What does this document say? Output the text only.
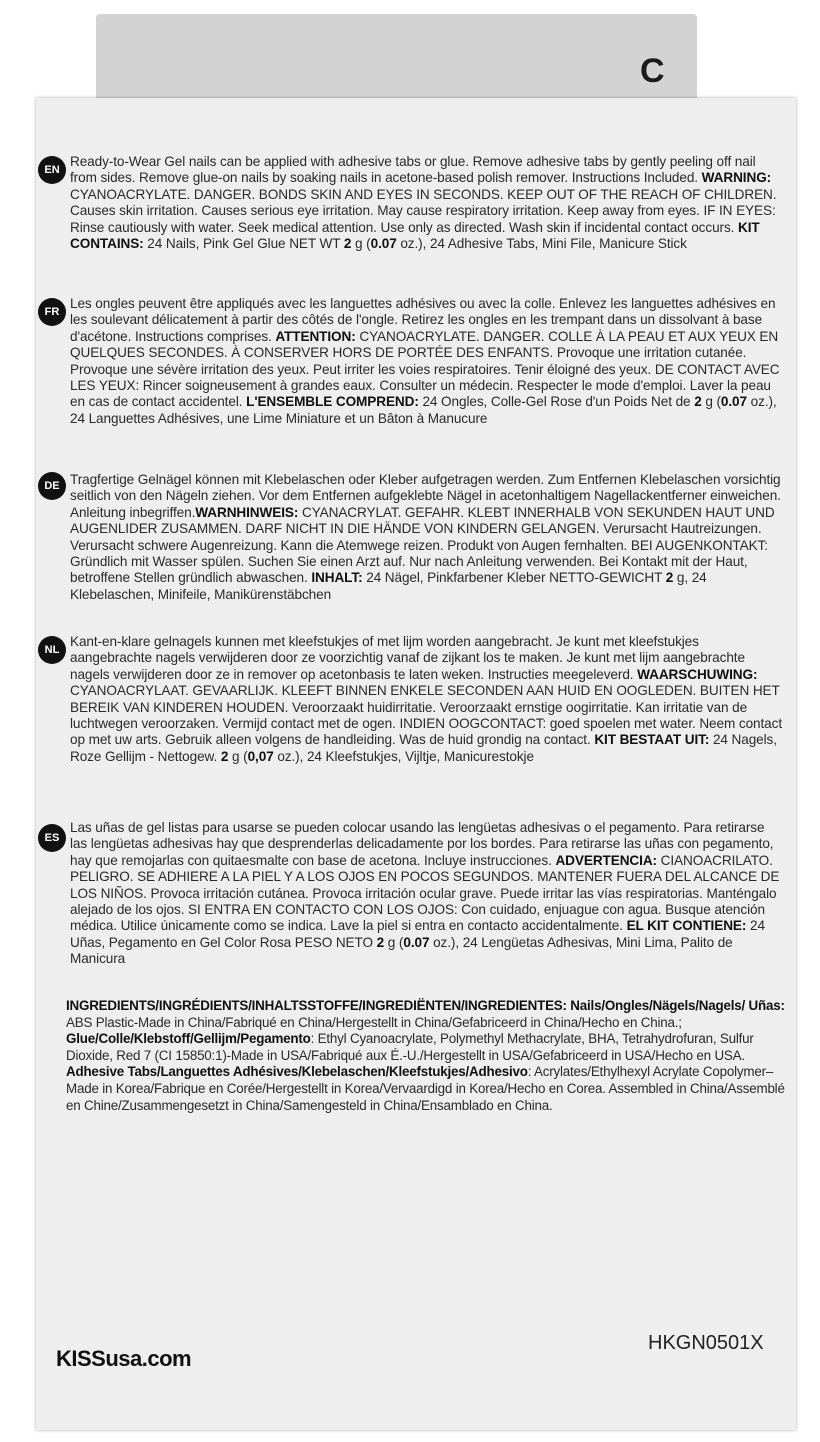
C
EN
Ready-to-Wear Gel nails can be applied with adhesive tabs or glue. Remove adhesive tabs by gently peeling off nail from sides. Remove glue-on nails by soaking nails in acetone-based polish remover. Instructions Included. WARNING: CYANOACRYLATE. DANGER. BONDS SKIN AND EYES IN SECONDS. KEEP OUT OF THE REACH OF CHILDREN. Causes skin irritation. Causes serious eye irritation. May cause respiratory irritation. Keep away from eyes. IF IN EYES: Rinse cautiously with water. Seek medical attention. Use only as directed. Wash skin if incidental contact occurs. KIT CONTAINS: 24 Nails, Pink Gel Glue NET WT 2 g (0.07 oz.), 24 Adhesive Tabs, Mini File, Manicure Stick
FR
Les ongles peuvent être appliqués avec les languettes adhésives ou avec la colle. Enlevez les languettes adhésives en les soulevant délicatement à partir des côtés de l'ongle. Retirez les ongles en les trempant dans un dissolvant à base d'acétone. Instructions comprises. ATTENTION: CYANOACRYLATE. DANGER. COLLE À LA PEAU ET AUX YEUX EN QUELQUES SECONDES. À CONSERVER HORS DE PORTÉE DES ENFANTS. Provoque une irritation cutanée. Provoque une sévère irritation des yeux. Peut irriter les voies respiratoires. Tenir éloigné des yeux. DE CONTACT AVEC LES YEUX: Rincer soigneusement à grandes eaux. Consulter un médecin. Respecter le mode d'emploi. Laver la peau en cas de contact accidentel. L'ENSEMBLE COMPREND: 24 Ongles, Colle-Gel Rose d'un Poids Net de 2 g (0.07 oz.), 24 Languettes Adhésives, une Lime Miniature et un Bâton à Manucure
DE Tragfertige Gelnägel können mit Klebelaschen oder Kleber aufgetragen werden. Zum Entfernen Klebelaschen vorsichtig seitlich von den Nägeln ziehen. Vor dem Entfernen aufgeklebte Nägel in acetonhaltigem Nagellackentferner einweichen. Anleitung inbegriffen.WARNHINWEIS: CYANACRYLAT. GEFAHR. KLEBT INNERHALB VON SEKUNDEN HAUT UND AUGENLIDER ZUSAMMEN. DARF NICHT IN DIE HÄNDE VON KINDERN GELANGEN. Verursacht Hautreizungen. Verursacht schwere Augenreizung. Kann die Atemwege reizen. Produkt von Augen fernhalten. BEI AUGENKONTAKT: Gründlich mit Wasser spülen. Suchen Sie einen Arzt auf. Nur nach Anleitung verwenden. Bei Kontakt mit der Haut, betroffene Stellen gründlich abwaschen. INHALT: 24 Nägel, Pinkfarbener Kleber NETTO-GEWICHT 2 g, 24 Klebelaschen, Minifeile, Manikürenstäbchen
NL
Kant-en-klare gelnagels kunnen met kleefstukjes of met lijm worden aangebracht. Je kunt met kleefstukjes aangebrachte nagels verwijderen door ze voorzichtig vanaf de zijkant los te maken. Je kunt met lijm aangebrachte nagels verwijderen door ze in remover op acetonbasis te laten weken. Instructies meegeleverd. WAARSCHUWING: CYANOACRYLAAT. GEVAARLIJK. KLEEFT BINNEN ENKELE SECONDEN AAN HUID EN OOGLEDEN. BUITEN HET BEREIK VAN KINDEREN HOUDEN. Veroorzaakt huidirritatie. Veroorzaakt ernstige oogirritatie. Kan irritatie van de luchtwegen veroorzaken. Vermijd contact met de ogen. INDIEN OOGCONTACT: goed spoelen met water. Neem contact op met uw arts. Gebruik alleen volgens de handleiding. Was de huid grondig na contact. KIT BESTAAT UIT: 24 Nagels, Roze Gellijm - Nettogew. 2 g (0,07 oz.), 24 Kleefstukjes, Vijltje, Manicurestokje
ES
Las uñas de gel listas para usarse se pueden colocar usando las lengüetas adhesivas o el pegamento. Para retirarse las lengüetas adhesivas hay que desprenderlas delicadamente por los bordes. Para retirarse las uñas con pegamento, hay que remojarlas con quitaesmalte con base de acetona. Incluye instrucciones. ADVERTENCIA: CIANOACRILATO. PELIGRO. SE ADHIERE A LA PIEL Y A LOS OJOS EN POCOS SEGUNDOS. MANTENER FUERA DEL ALCANCE DE LOS NIÑOS. Provoca irritación cutánea. Provoca irritación ocular grave. Puede irritar las vías respiratorias. Manténgalo alejado de los ojos. SI ENTRA EN CONTACTO CON LOS OJOS: Con cuidado, enjuague con agua. Busque atención médica. Utilice únicamente como se indica. Lave la piel si entra en contacto accidentalmente. EL KIT CONTIENE: 24 Uñas, Pegamento en Gel Color Rosa PESO NETO 2 g (0.07 oz.), 24 Lengüetas Adhesivas, Mini Lima, Palito de Manicura
INGREDIENTS/INGRÉDIENTS/INHALTSSTOFFE/INGREDIËNTEN/INGREDIENTES: Nails/Ongles/Nägels/Nagels/ Uñas: ABS Plastic-Made in China/Fabriqué en China/Hergestellt in China/Gefabriceerd in China/Hecho en China.; Glue/Colle/Klebstoff/Gellijm/Pegamento: Ethyl Cyanoacrylate, Polymethyl Methacrylate, BHA, Tetrahydrofuran, Sulfur Dioxide, Red 7 (CI 15850:1)-Made in USA/Fabriqué aux É.-U./Hergestellt in USA/Gefabriceerd in USA/Hecho en USA.
Adhesive Tabs/Languettes Adhésives/Klebelaschen/Kleefstukjes/Adhesivo: Acrylates/Ethylhexyl Acrylate Copolymer–Made in Korea/Fabrique en Corée/Hergestellt in Korea/Vervaardigd in Korea/Hecho en Corea. Assembled in China/Assemblé en Chine/Zusammengesetzt in China/Samengesteld in China/Ensamblado en China.
KISSusa.com
HKGN0501X
